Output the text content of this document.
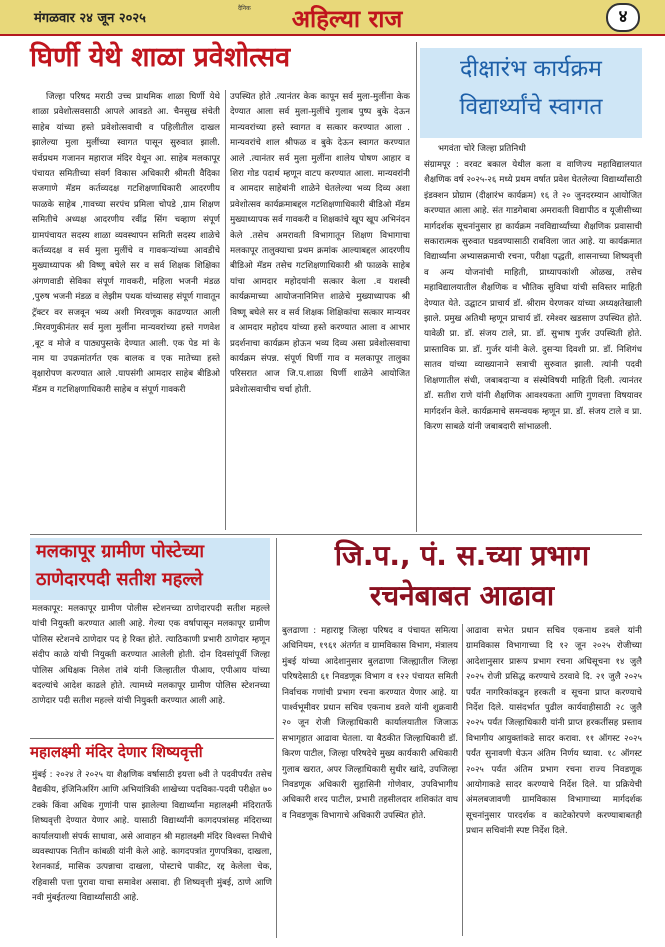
मंगळवार २४ जून २०२५	अहिल्या राज
दैनिक	४
घिर्णी येथे शाळा प्रवेशोत्सव
जिल्हा परिषद मराठी उच्च प्राथमिक शाळा घिर्णी येथे शाळा प्रवेशोत्सवसाठी आपले आवडते आ. चैनसुख संचेती साहेब यांच्या हस्ते प्रवेशोत्सवाची व पहिलीतील दाखल झालेल्या मुला मुलींच्या स्वागत पासून सुरुवात झाली. सर्वप्रथम गजानन महाराज मंदिर येथून आ. साहेब मलकापूर पंचायत समितीच्या संवर्ग विकास अधिकारी श्रीमती वैदिका सजगाणे मॅडम कर्तव्यदक्ष गटशिक्षणाधिकारी आदरणीय फाळके साहेब ,गावच्या सरपंच प्रमिला चोपडे ,ग्राम शिक्षण समितीचे अध्यक्ष आदरणीय रवींद्र सिंग चव्हाण संपूर्ण ग्रामपंचायत सदस्य शाळा व्यवस्थापन समिती सदस्य शाळेचे कर्तव्यदक्ष व सर्व मुला मुलींचे व गावकऱ्यांच्या आवडीचे मुख्याध्यापक श्री विष्णू बघेले सर व सर्व शिक्षक शिक्षिका अंगणवाडी सेविका संपूर्ण गावकरी, महिला भजनी मंडळ ,पुरुष भजनी मंडळ व लेझीम पथक यांच्यासह संपूर्ण गावातून ट्रॅक्टर वर सजवून भव्य अशी मिरवणूक काढण्यात आली .मिरवणुकीनंतर सर्व मुला मुलींना मान्यवरांच्या हस्ते गणवेश ,बूट व मोजे व पाठ्यपुस्तके देण्यात आली. एक पेड मां के नाम या उपक्रमांतर्गत एक बालक व एक मातेच्या हस्ते वृक्षारोपण करण्यात आले .यापसंगी आमदार साहेब बीडिओ मॅडम व गटशिक्षणाधिकारी साहेब व संपूर्ण गावकरी
उपस्थित होते .त्यानंतर केक कापून सर्व मुला-मुलींना केक देण्यात आला सर्व मुला-मुलींचे गुलाब पुष्प बुके देऊन मान्यवरांच्या हस्ते स्वागत व सत्कार करण्यात आला . मान्यवरांचे शाल श्रीफळ व बुके देऊन स्वागत करण्यात आले .त्यानंतर सर्व मुला मुलींना शालेय पोषण आहार व शिरा गोड पदार्थ म्हणून वाटप करण्यात आला. मान्यवरांनी व आमदार साहेबांनी शाळेने घेतलेल्या भव्य दिव्य अशा प्रवेशोत्सव कार्यक्रमाबद्दल गटशिक्षणाधिकारी बीडिओ मॅडम मुख्याध्यापक सर्व गावकरी व शिक्षकांचे खूप खूप अभिनंदन केले .तसेच अमरावती विभागातून शिक्षण विभागाचा मलकापूर तालुक्याचा प्रथम क्रमांक आल्याबद्दल आदरणीय बीडिओ मॅडम तसेच गटशिक्षणाधिकारी श्री फाळके साहेब यांचा आमदार महोदयांनी सत्कार केला .व यशस्वी कार्यक्रमाच्या आयोजनानिमित्त शाळेचे मुख्याध्यापक श्री विष्णू बघेले सर व सर्व शिक्षक शिक्षिकांचा सत्कार मान्यवर व आमदार महोदय यांच्या हस्ते करण्यात आला व आभार प्रदर्शनाचा कार्यक्रम होऊन भव्य दिव्य असा प्रवेशोत्सवाचा कार्यक्रम संपन्न. संपूर्ण घिर्णी गाव व मलकापूर तालुका परिसरात आज जि.प.शाळा घिर्णी शाळेने आयोजित प्रवेशोत्सवाचीच चर्चा होती.
दीक्षारंभ कार्यक्रम
विद्यार्थ्यांचे स्वागत
भगवंता चोरे जिल्हा प्रतिनिधी
संग्रामपूर : वरवट बकाल येथील कला व वाणिज्य महाविद्यालयात शैक्षणिक वर्ष २०२५-२६ मध्ये प्रथम वर्षात प्रवेश घेतलेल्या विद्यार्थ्यांसाठी इंडक्शन प्रोग्राम (दीक्षारंभ कार्यक्रम) १६ ते २० जुनदरम्यान आयोजित करण्यात आला आहे. संत गाडगेबाबा अमरावती विद्यापीठ व यूजीसीच्या मार्गदर्शक सूचनांनुसार हा कार्यक्रम नवविद्यार्थ्यांच्या शैक्षणिक प्रवासाची सकारात्मक सुरुवात घडवण्यासाठी राबविला जात आहे. या कार्यक्रमात विद्यार्थ्यांना अभ्यासक्रमाची रचना, परीक्षा पद्धती, शासनाच्या शिष्यवृत्ती व अन्य योजनांची माहिती, प्राध्यापकांशी ओळख, तसेच महाविद्यालयातील शैक्षणिक व भौतिक सुविधा यांची सविस्तर माहिती देण्यात येते. उद्घाटन प्राचार्य डॉ. श्रीराम येरणकर यांच्या अध्यक्षतेखाली झाले. प्रमुख अतिथी म्हणून प्राचार्य डॉ. रमेश्वर खडसाण उपस्थित होते. यावेळी प्रा. डॉ. संजय टाले, प्रा. डॉ. सुभाष गुर्जर उपस्थिती होते. प्रास्ताविक प्रा. डॉ. गुर्जर यांनी केले. दुसऱ्या दिवशी प्रा. डॉ. निशिगंध सातव यांच्या व्याख्यानाने सत्राची सुरुवात झाली. त्यांनी पदवी शिक्षणातील संधी, जबाबदाऱ्या व संस्थेविषयी माहिती दिली. त्यानंतर डॉ. सतीश राणे यांनी शैक्षणिक आवश्यकता आणि गुणवत्ता विषयावर मार्गदर्शन केले. कार्यक्रमाचे समन्वयक म्हणून प्रा. डॉ. संजय टाले व प्रा. किरण साबळे यांनी जबाबदारी सांभाळली.
मलकापूर ग्रामीण पोस्टेच्या
ठाणेदारपदी सतीश महल्ले
मलकापूर: मलकापूर ग्रामीण पोलीस स्टेशनच्या ठाणेदारपदी सतीश महल्ले यांची नियुक्ती करण्यात आली आहे. गेल्या एक वर्षापासून मलकापूर ग्रामीण पोलिस स्टेशनचे ठाणेदार पद हे रिक्त होते. त्याठिकाणी प्रभारी ठाणेदार म्हणून संदीप काळे यांची नियुक्ती करण्यात आलेली होती. दोन दिवसांपूर्वी जिल्हा पोलिस अधिक्षक निलेश तांबे यांनी जिल्हातील पीआय, एपीआय यांच्या बदल्यांचे आदेश काढले होते. त्यामध्ये मलकापूर ग्रामीण पोलिस स्टेशनच्या ठाणेदार पदी सतीश महल्ले यांची नियुक्ती करण्यात आली आहे.
महालक्ष्मी मंदिर देणार शिष्यवृत्ती
मुंबई : २०२४ ते २०२५ या शैक्षणिक वर्षासाठी इयत्ता ७वी ते पदवीपर्यंत तसेच वैद्यकीय, इंजिनिअरिंग आणि अभियांत्रिकी शाखेच्या पदविका-पदवी परीक्षेत ७० टक्के किंवा अधिक गुणांनी पास झालेल्या विद्यार्थ्यांना महालक्ष्मी मंदिरातर्फे शिष्यवृत्ती देण्यात येणार आहे. यासाठी विद्यार्थ्यांनी कागदपत्रांसह मंदिराच्या कार्यालयाशी संपर्क साधावा, असे आवाहन श्री महालक्ष्मी मंदिर विश्वस्त निधीचे व्यवस्थापक नितीन कांबळी यांनी केले आहे. कागदपत्रांत गुणपत्रिका, दाखला, रेशनकार्ड, मासिक उत्पन्नाचा दाखला, पोस्टाचे पाकीट, रद्द केलेला चेक, रहिवासी पत्ता पुरावा याचा समावेश असावा. ही शिष्यवृत्ती मुंबई, ठाणे आणि नवी मुंबईतल्या विद्यार्थ्यांसाठी आहे.
जि.प., पं. स.च्या प्रभाग
रचनेबाबत आढावा
बुलढाणा : महाराष्ट्र जिल्हा परिषद व पंचायत समित्या अधिनियम, १९६१ अंतर्गत व ग्रामविकास विभाग, मंत्रालय मुंबई यांच्या आदेशानुसार बुलढाणा जिल्ह्यातील जिल्हा परिषदेसाठी ६१ निवडणूक विभाग व १२२ पंचायत समिती निर्वाचक गणांची प्रभाग रचना करण्यात येणार आहे. या पार्श्वभूमीवर प्रधान सचिव एकनाथ डवले यांनी शुक्रवारी २० जून रोजी जिल्हाधिकारी कार्यालयातील जिजाऊ सभागृहात आढावा घेतला. या बैठकीत जिल्हाधिकारी डॉ. किरण पाटील, जिल्हा परिषदेचे मुख्य कार्यकारी अधिकारी गुलाब खरात, अपर जिल्हाधिकारी सुधीर खांदे, उपजिल्हा निवडणूक अधिकारी सुहासिनी गोणेवार, उपविभागीय अधिकारी शरद पाटील, प्रभारी तहसीलदार शशिकांत वाघ व निवडणूक विभागाचे अधिकारी उपस्थित होते.
आढावा सभेत प्रधान सचिव एकनाथ डवले यांनी ग्रामविकास विभागाच्या दि १२ जून २०२५ रोजीच्या आदेशानुसार प्रारूप प्रभाग रचना अधिसूचना १४ जुलै २०२५ रोजी प्रसिद्ध करण्याचे ठरवावे दि. २१ जुलै २०२५ पर्यंत नागरिकांकडून हरकती व सूचना प्राप्त करण्याचे निर्देश दिले. यासंदर्भात पुढील कार्यवाहीसाठी २८ जुलै २०२५ पर्यंत जिल्हाधिकारी यांनी प्राप्त हरकतींसह प्रस्ताव विभागीय आयुक्तांकडे सादर करावा. ११ ऑगस्ट २०२५ पर्यंत सुनावणी घेऊन अंतिम निर्णय घ्यावा. १८ ऑगस्ट २०२५ पर्यंत अंतिम प्रभाग रचना राज्य निवडणूक आयोगाकडे सादर करण्याचे निर्देश दिले. या प्रक्रियेची अंमलबजावणी ग्रामविकास विभागाच्या मार्गदर्शक सूचनांनुसार पारदर्शक व काटेकोरपणे करण्याबाबतही प्रधान सचिवांनी स्पष्ट निर्देश दिले.
